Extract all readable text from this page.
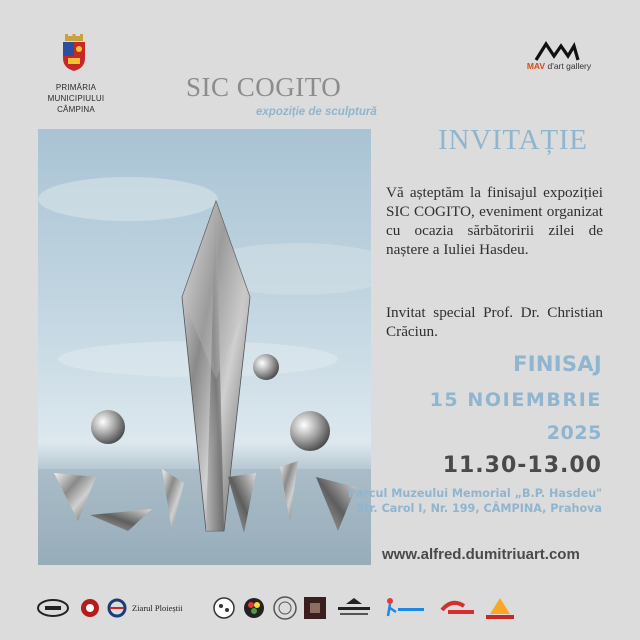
PRIMĂRIA
MUNICIPIULUI
CÂMPINA
MAV d'art gallery
SIC COGITO
expoziție de sculptură
INVITAȚIE
Vă așteptăm la finisajul expoziției SIC COGITO, eveniment organizat cu ocazia sărbătoririi zilei de naștere a Iuliei Hasdeu.
Invitat special Prof. Dr. Christian Crăciun.
FINISAJ
15 NOIEMBRIE
2025
11.30-13.00
Parcul Muzeului Memorial „B.P. Hasdeu"
Str. Carol I, Nr. 199, CÂMPINA, Prahova
www.alfred.dumitriuart.com
Ziarul Ploieștii
